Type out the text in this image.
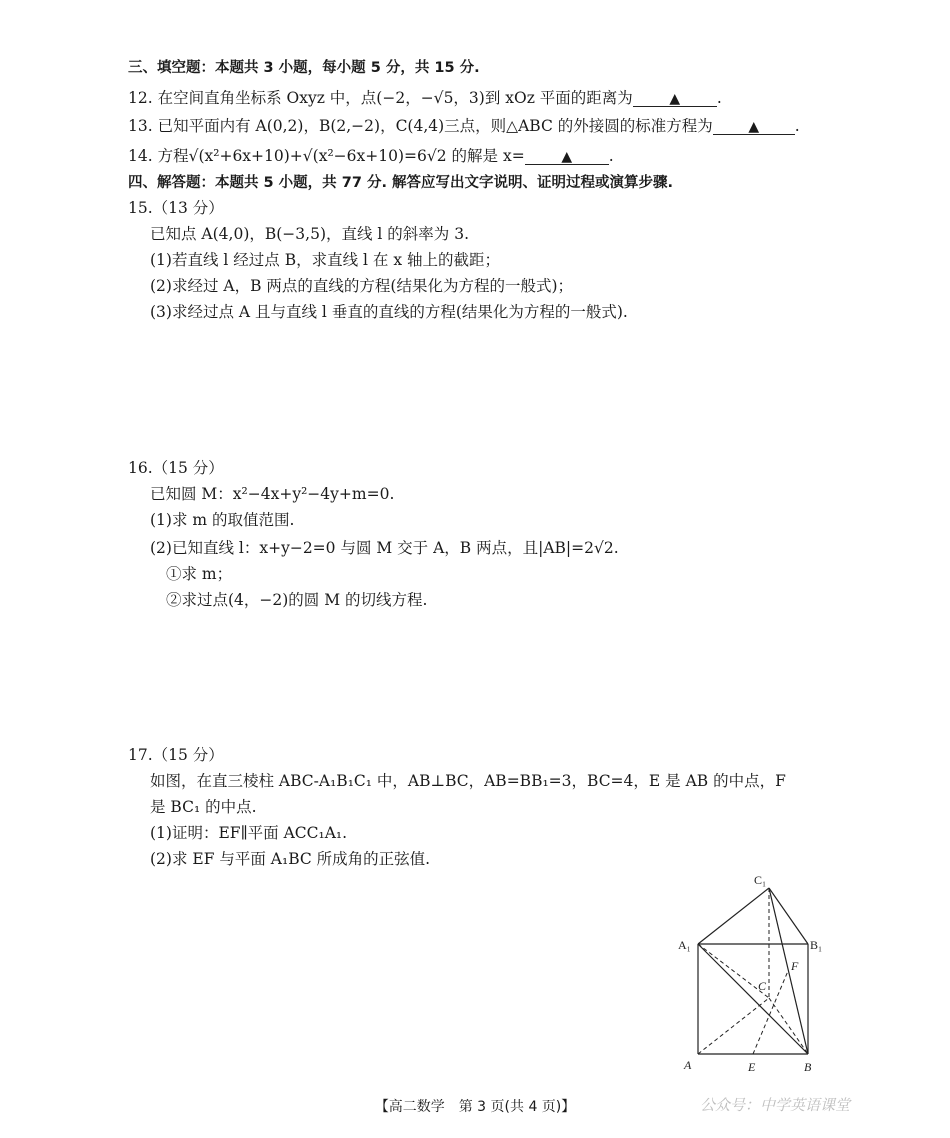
三、填空题：本题共 3 小题，每小题 5 分，共 15 分.
12. 在空间直角坐标系 Oxyz 中，点(−2，−√5，3)到 xOz 平面的距离为	▲ .
13. 已知平面内有 A(0,2)，B(2,−2)，C(4,4)三点，则△ABC 的外接圆的标准方程为	▲ .
14. 方程√(x²+6x+10)+√(x²−6x+10)=6√2 的解是 x=	▲ .
四、解答题：本题共 5 小题，共 77 分. 解答应写出文字说明、证明过程或演算步骤.
15.（13 分）
已知点 A(4,0)，B(−3,5)，直线 l 的斜率为 3.
(1)若直线 l 经过点 B，求直线 l 在 x 轴上的截距；
(2)求经过 A，B 两点的直线的方程(结果化为方程的一般式)；
(3)求经过点 A 且与直线 l 垂直的直线的方程(结果化为方程的一般式).
16.（15 分）
已知圆 M：x²−4x+y²−4y+m=0.
(1)求 m 的取值范围.
(2)已知直线 l：x+y−2=0 与圆 M 交于 A，B 两点，且|AB|=2√2.
①求 m；
②求过点(4，−2)的圆 M 的切线方程.
17.（15 分）
如图，在直三棱柱 ABC-A₁B₁C₁ 中，AB⊥BC，AB=BB₁=3，BC=4，E 是 AB 的中点，F
是 BC₁ 的中点.
(1)证明：EF∥平面 ACC₁A₁.
(2)求 EF 与平面 A₁BC 所成角的正弦值.
C₁
A₁	B₁
F
C
A	E	B
【高二数学　第 3 页(共 4 页)】	公众号：中学英语课堂
